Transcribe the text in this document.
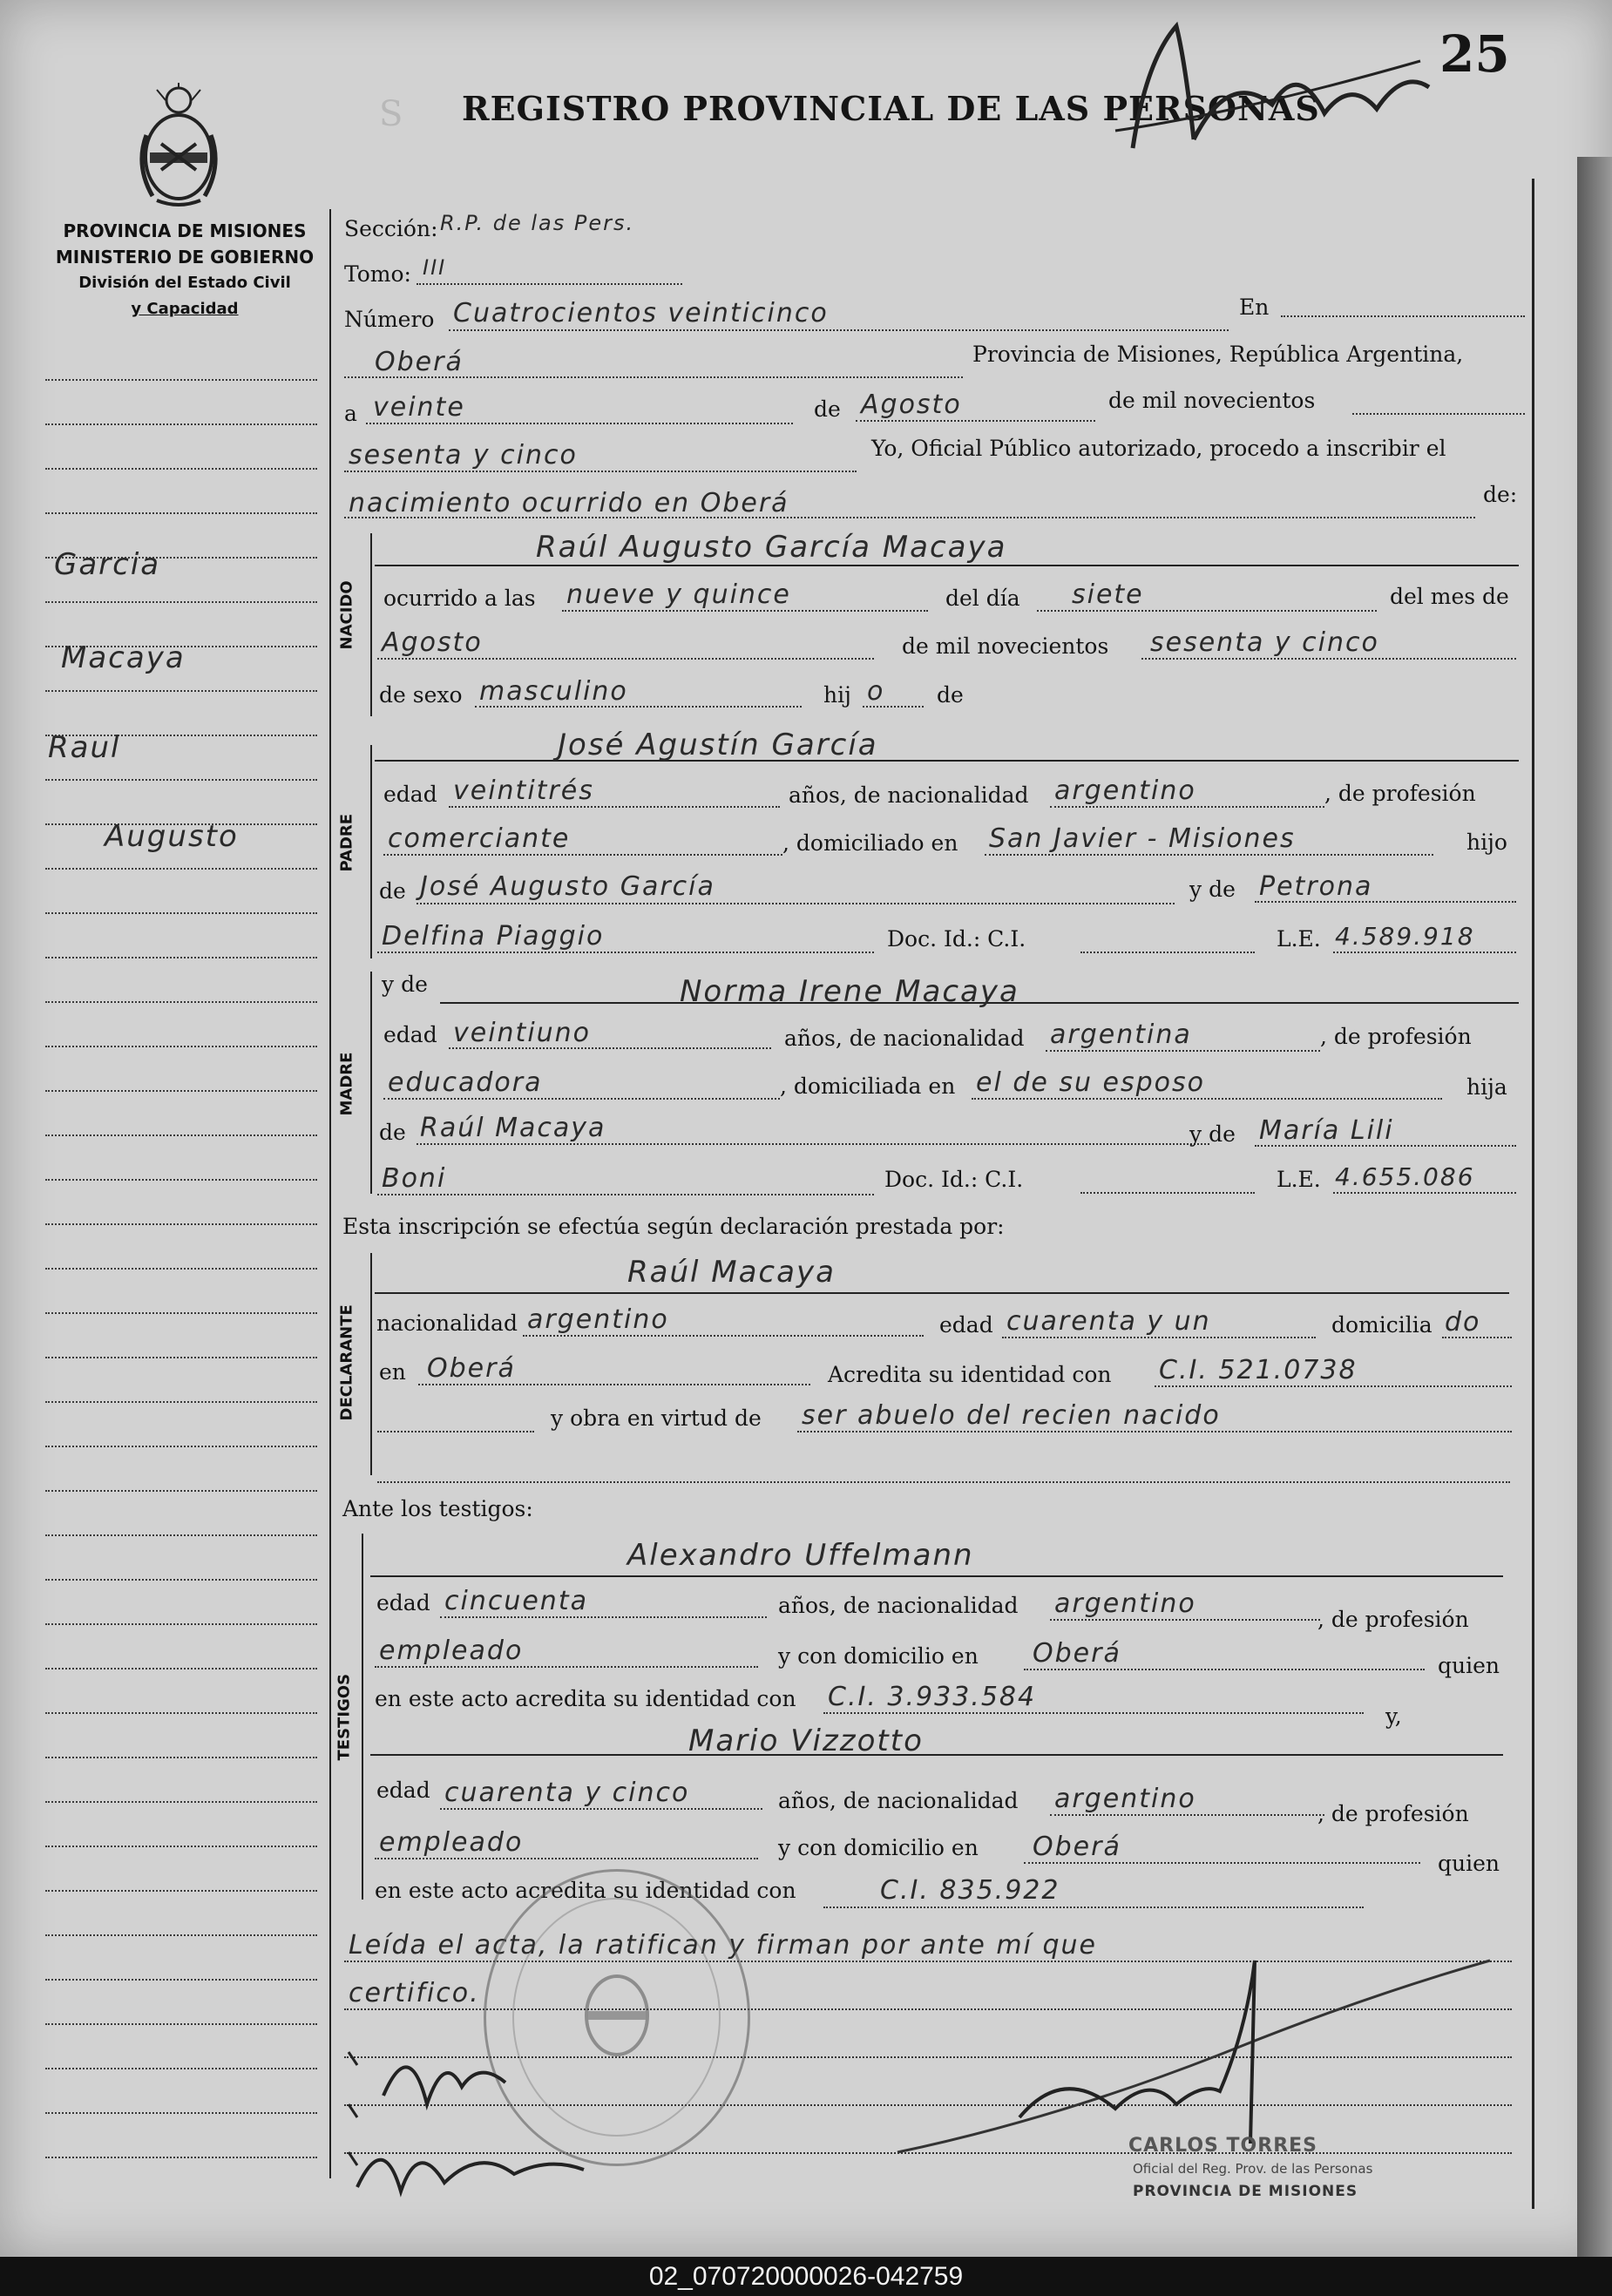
25
S REGISTRO PROVINCIAL DE LAS PERSONAS
PROVINCIA DE MISIONES
MINISTERIO DE GOBIERNO
División del Estado Civil
y Capacidad
Garcia
Macaya
Raul
Augusto
Sección: R.P. de las Pers.
Tomo: III
Número Cuatrocientos veinticinco	En
Oberá	Provincia de Misiones, República Argentina,
a veinte	de Agosto	de mil novecientos
sesenta y cinco	Yo, Oficial Público autorizado, procedo a inscribir el
nacimiento ocurrido en Oberá	de:
NACIDO
Raúl Augusto García Macaya
ocurrido a las nueve y quince	del día siete	del mes de
Agosto	de mil novecientos sesenta y cinco
de sexo masculino	hij o de
PADRE
José Agustín García
edad veintitrés	años, de nacionalidad argentino	, de profesión
comerciante	, domiciliado en San Javier - Misiones	hijo
de José Augusto García	y de Petrona
Delfina Piaggio	Doc. Id.: C.I.	L.E. 4.589.918
MADRE
y de	Norma Irene Macaya
edad veintiuno	años, de nacionalidad argentina	, de profesión
educadora	, domiciliada en el de su esposo	hija
de Raúl Macaya	y de María Lili
Boni	Doc. Id.: C.I.	L.E. 4.655.086
Esta inscripción se efectúa según declaración prestada por:
DECLARANTE
Raúl Macaya
nacionalidad argentino	edad cuarenta y un	domicilia do
en Oberá	Acredita su identidad con C.I. 521.0738
y obra en virtud de ser abuelo del recien nacido
Ante los testigos:
TESTIGOS
Alexandro Uffelmann
edad cincuenta	años, de nacionalidad argentino
, de profesión
empleado	y con domicilio en Oberá	quien
en este acto acredita su identidad con C.I. 3.933.584
y,
Mario Vizzotto
edad cuarenta y cinco	años, de nacionalidad argentino	, de profesión
empleado	y con domicilio en Oberá
quien
en este acto acredita su identidad con	C.I. 835.922
Leída el acta, la ratifican y firman por ante mí que
certifico.
CARLOS TORRES
Oficial del Reg. Prov. de las Personas
PROVINCIA DE MISIONES
02_070720000026-042759
